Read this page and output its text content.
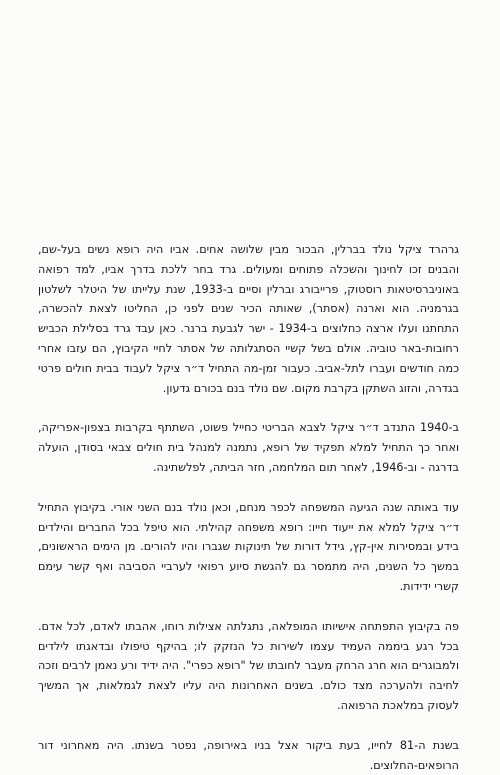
גרהרד ציקל נולד בברלין, הבכור מבין שלושה אחים. אביו היה רופא נשים בעל-שם, והבנים זכו לחינוך והשכלה פתוחים ומעולים. גרד בחר ללכת בדרך אביו, למד רפואה באוניברסיטאות רוסטוק, פרייבורג וברלין וסיים ב-1933, שנת עלייתו של היטלר לשלטון בגרמניה. הוא וארנה (אסתר), שאותה הכיר שנים לפני כן, החליטו לצאת להכשרה, התחתנו ועלו ארצה כחלוצים ב-1934 - ישר לגבעת ברנר. כאן עבד גרד בסלילת הכביש רחובות-באר טוביה. אולם בשל קשיי הסתגלותה של אסתר לחיי הקיבוץ, הם עזבו אחרי כמה חודשים ועברו לתל-אביב. כעבור זמן-מה התחיל ד״ר ציקל לעבוד בבית חולים פרטי בגדרה, והזוג השתקן בקרבת מקום. שם נולד בנם בכורם גדעון.

ב-1940 התנדב ד״ר ציקל לצבא הבריטי כחייל פשוט, השתתף בקרבות בצפון-אפריקה, ואחר כך התחיל למלא תפקיד של רופא, נתמנה למנהל בית חולים צבאי בסודן, הועלה בדרגה - וב-1946, לאחר תום המלחמה, חזר הביתה, לפלשתינה.

עוד באותה שנה הגיעה המשפחה לכפר מנחם, וכאן נולד בנם השני אורי. בקיבוץ התחיל ד״ר ציקל למלא את ייעוד חייו: רופא משפחה קהילתי. הוא טיפל בכל החברים והילדים בידע ובמסירות אין-קץ, גידל דורות של תינוקות שגברו והיו להורים. מן הימים הראשונים, במשך כל השנים, היה מתמסר גם להגשת סיוע רפואי לערביי הסביבה ואף קשר עימם קשרי ידידות.

פה בקיבוץ התפתחה אישיותו המופלאה, נתגלתה אצילות רוחו, אהבתו לאדם, לכל אדם. בכל רגע ביממה העמיד עצמו לשירות כל הנזקק לו; בהיקף טיפולו ובדאגתו לילדים ולמבוגרים הוא חרג הרחק מעבר לחובתו של "רופא כפרי". היה ידיד ורע נאמן לרבים וזכה לחיבה ולהערכה מצד כולם. בשנים האחרונות היה עליו לצאת לגמלאות, אך המשיך לעסוק במלאכת הרפואה.

בשנת ה-81 לחייו, בעת ביקור אצל בניו באירופה, נפטר בשנתו. היה מאחרוני דור הרופאים-החלוצים.
